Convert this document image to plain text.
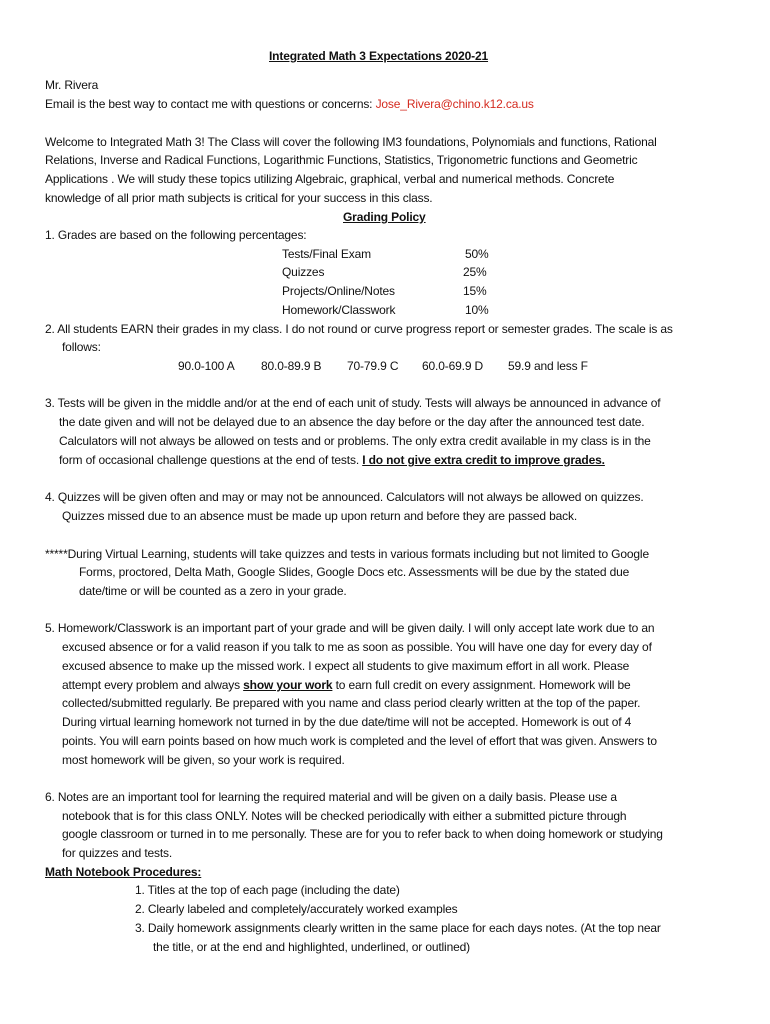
Integrated Math 3 Expectations 2020-21
Mr. Rivera
Email is the best way to contact me with questions or concerns: Jose_Rivera@chino.k12.ca.us
Welcome to Integrated Math 3! The Class will cover the following IM3 foundations, Polynomials and functions, Rational
Relations, Inverse and Radical Functions, Logarithmic Functions, Statistics, Trigonometric functions and Geometric
Applications . We will study these topics utilizing Algebraic, graphical, verbal and numerical methods. Concrete
knowledge of all prior math subjects is critical for your success in this class.
Grading Policy
1. Grades are based on the following percentages:
Tests/Final Exam	50%
Quizzes	25%
Projects/Online/Notes	15%
Homework/Classwork	10%
2. All students EARN their grades in my class. I do not round or curve progress report or semester grades. The scale is as
follows:
90.0-100 A 80.0-89.9 B 70-79.9 C 60.0-69.9 D 59.9 and less F
3. Tests will be given in the middle and/or at the end of each unit of study. Tests will always be announced in advance of
the date given and will not be delayed due to an absence the day before or the day after the announced test date.
Calculators will not always be allowed on tests and or problems. The only extra credit available in my class is in the
form of occasional challenge questions at the end of tests. I do not give extra credit to improve grades.
4. Quizzes will be given often and may or may not be announced. Calculators will not always be allowed on quizzes.
Quizzes missed due to an absence must be made up upon return and before they are passed back.
*****During Virtual Learning, students will take quizzes and tests in various formats including but not limited to Google
Forms, proctored, Delta Math, Google Slides, Google Docs etc. Assessments will be due by the stated due
date/time or will be counted as a zero in your grade.
5. Homework/Classwork is an important part of your grade and will be given daily. I will only accept late work due to an
excused absence or for a valid reason if you talk to me as soon as possible. You will have one day for every day of
excused absence to make up the missed work. I expect all students to give maximum effort in all work. Please
attempt every problem and always show your work to earn full credit on every assignment. Homework will be
collected/submitted regularly. Be prepared with you name and class period clearly written at the top of the paper.
During virtual learning homework not turned in by the due date/time will not be accepted. Homework is out of 4
points. You will earn points based on how much work is completed and the level of effort that was given. Answers to
most homework will be given, so your work is required.
6. Notes are an important tool for learning the required material and will be given on a daily basis. Please use a
notebook that is for this class ONLY. Notes will be checked periodically with either a submitted picture through
google classroom or turned in to me personally. These are for you to refer back to when doing homework or studying
for quizzes and tests.
Math Notebook Procedures:
1. Titles at the top of each page (including the date)
2. Clearly labeled and completely/accurately worked examples
3. Daily homework assignments clearly written in the same place for each days notes. (At the top near
the title, or at the end and highlighted, underlined, or outlined)
